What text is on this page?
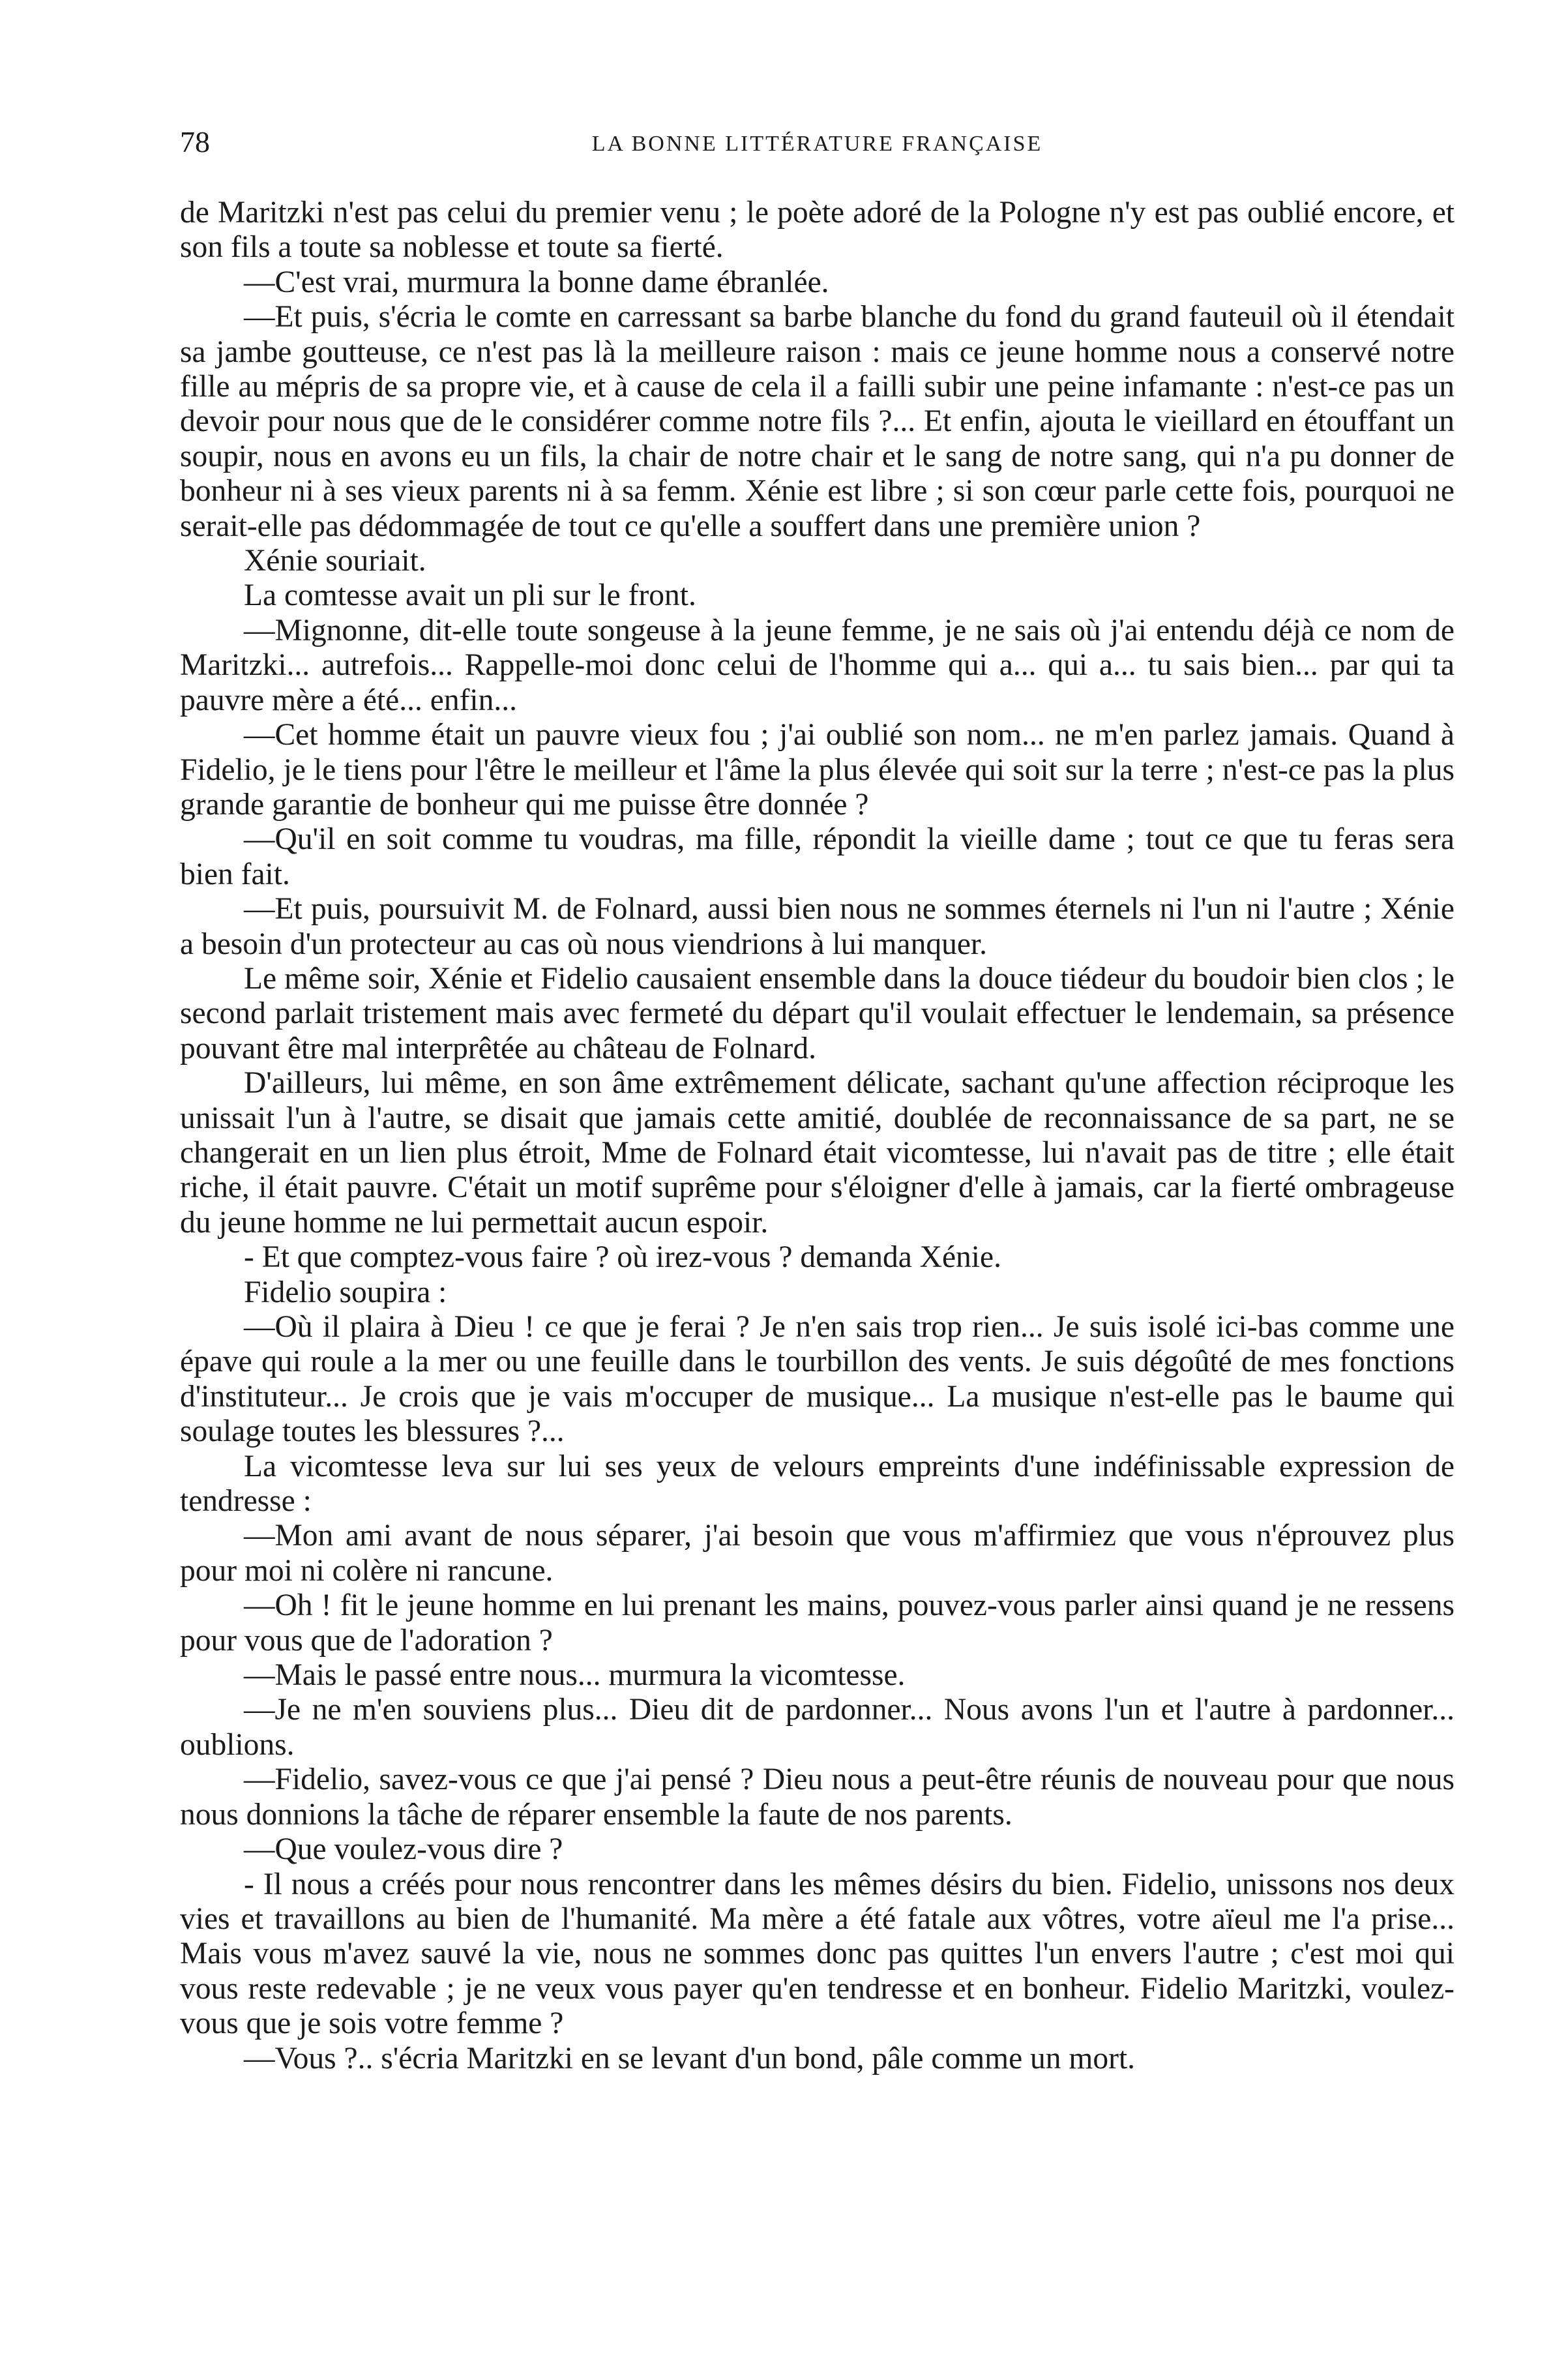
78	LA BONNE LITTÉRATURE FRANÇAISE

de Maritzki n'est pas celui du premier venu ; le poète adoré de la Pologne n'y est pas oublié encore, et son fils a toute sa noblesse et toute sa fierté.

—C'est vrai, murmura la bonne dame ébranlée.

—Et puis, s'écria le comte en carressant sa barbe blanche du fond du grand fauteuil où il étendait sa jambe goutteuse, ce n'est pas là la meilleure raison : mais ce jeune homme nous a conservé notre fille au mépris de sa propre vie, et à cause de cela il a failli subir une peine infamante : n'est-ce pas un devoir pour nous que de le considérer comme notre fils ?... Et enfin, ajouta le vieillard en étouffant un soupir, nous en avons eu un fils, la chair de notre chair et le sang de notre sang, qui n'a pu donner de bonheur ni à ses vieux parents ni à sa femm. Xénie est libre ; si son cœur parle cette fois, pourquoi ne serait-elle pas dédommagée de tout ce qu'elle a souffert dans une première union ?

Xénie souriait.

La comtesse avait un pli sur le front.

—Mignonne, dit-elle toute songeuse à la jeune femme, je ne sais où j'ai entendu déjà ce nom de Maritzki... autrefois... Rappelle-moi donc celui de l'homme qui a... qui a... tu sais bien... par qui ta pauvre mère a été... enfin...

—Cet homme était un pauvre vieux fou ; j'ai oublié son nom... ne m'en parlez jamais. Quand à Fidelio, je le tiens pour l'être le meilleur et l'âme la plus élevée qui soit sur la terre ; n'est-ce pas la plus grande garantie de bonheur qui me puisse être donnée ?

—Qu'il en soit comme tu voudras, ma fille, répondit la vieille dame ; tout ce que tu feras sera bien fait.

—Et puis, poursuivit M. de Folnard, aussi bien nous ne sommes éternels ni l'un ni l'autre ; Xénie a besoin d'un protecteur au cas où nous viendrions à lui manquer.

Le même soir, Xénie et Fidelio causaient ensemble dans la douce tiédeur du boudoir bien clos ; le second parlait tristement mais avec fermeté du départ qu'il voulait effectuer le lendemain, sa présence pouvant être mal interprêtée au château de Folnard.

D'ailleurs, lui même, en son âme extrêmement délicate, sachant qu'une affection réciproque les unissait l'un à l'autre, se disait que jamais cette amitié, doublée de reconnaissance de sa part, ne se changerait en un lien plus étroit, Mme de Folnard était vicomtesse, lui n'avait pas de titre ; elle était riche, il était pauvre. C'était un motif suprême pour s'éloigner d'elle à jamais, car la fierté ombrageuse du jeune homme ne lui permettait aucun espoir.

- Et que comptez-vous faire ? où irez-vous ? demanda Xénie.

Fidelio soupira :

—Où il plaira à Dieu ! ce que je ferai ? Je n'en sais trop rien... Je suis isolé ici-bas comme une épave qui roule a la mer ou une feuille dans le tourbillon des vents. Je suis dégoûté de mes fonctions d'instituteur... Je crois que je vais m'occuper de musique... La musique n'est-elle pas le baume qui soulage toutes les blessures ?...

La vicomtesse leva sur lui ses yeux de velours empreints d'une indéfinissable expression de tendresse :

—Mon ami avant de nous séparer, j'ai besoin que vous m'affirmiez que vous n'éprouvez plus pour moi ni colère ni rancune.

—Oh ! fit le jeune homme en lui prenant les mains, pouvez-vous parler ainsi quand je ne ressens pour vous que de l'adoration ?

—Mais le passé entre nous... murmura la vicomtesse.

—Je ne m'en souviens plus... Dieu dit de pardonner... Nous avons l'un et l'autre à pardonner... oublions.

—Fidelio, savez-vous ce que j'ai pensé ? Dieu nous a peut-être réunis de nouveau pour que nous nous donnions la tâche de réparer ensemble la faute de nos parents.

—Que voulez-vous dire ?

- Il nous a créés pour nous rencontrer dans les mêmes désirs du bien. Fidelio, unissons nos deux vies et travaillons au bien de l'humanité. Ma mère a été fatale aux vôtres, votre aïeul me l'a prise... Mais vous m'avez sauvé la vie, nous ne sommes donc pas quittes l'un envers l'autre ; c'est moi qui vous reste redevable ; je ne veux vous payer qu'en tendresse et en bonheur. Fidelio Maritzki, voulez-vous que je sois votre femme ?

—Vous ?.. s'écria Maritzki en se levant d'un bond, pâle comme un mort.
